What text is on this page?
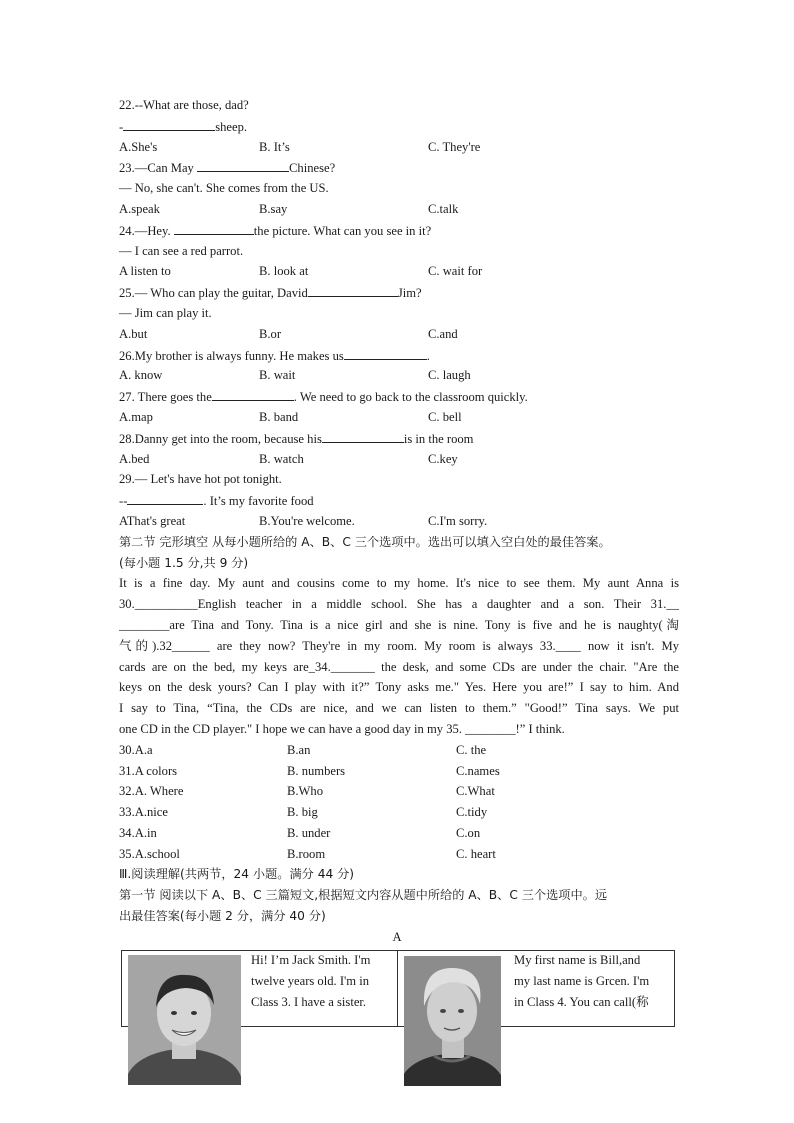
22.--What are those, dad?
-	sheep.
A.She's	B. It’s	C. They're
23.—Can May	Chinese?
— No, she can't. She comes from the US.
A.speak	B.say	C.talk
24.—Hey.	the picture. What can you see in it?
— I can see a red parrot.
A listen to	B. look at	C. wait for
25.— Who can play the guitar, David	Jim?
— Jim can play it.
A.but	B.or	C.and
26.My brother is always funny. He makes us	.
A. know	B. wait	C. laugh
27. There goes the	. We need to go back to the classroom quickly.
A.map	B. band	C. bell
28.Danny get into the room, because his	is in the room
A.bed	B. watch	C.key
29.— Let's have hot pot tonight.
--	. It’s my favorite food
AThat's great	B.You're welcome.	C.I'm sorry.
第二节 完形填空 从每小题所给的 A、B、C 三个选项中。选出可以填入空白处的最佳答案。
(每小题 1.5 分,共 9 分)
It is a fine day. My aunt and cousins come to my home. It's nice to see them. My aunt Anna is
30.__________English teacher in a middle school. She has a daughter and a son. Their 31.__
________are Tina and Tony. Tina is a nice girl and she is nine. Tony is five and he is naughty(淘
气的).32______ are they now? They're in my room. My room is always 33.____ now it isn't. My
cards are on the bed, my keys are_34._______ the desk, and some CDs are under the chair. "Are the
keys on the desk yours? Can I play with it?” Tony asks me." Yes. Here you are!” I say to him. And
I say to Tina, “Tina, the CDs are nice, and we can listen to them.” "Good!” Tina says. We put
one CD in the CD player." I hope we can have a good day in my 35. ________!” I think.
30.A.a	B.an	C. the
31.A colors	B. numbers	C.names
32.A. Where	B.Who	C.What
33.A.nice	B. big	C.tidy
34.A.in	B. under	C.on
35.A.school	B.room	C. heart
Ⅲ.阅读理解(共两节，24 小题。满分 44 分)
第一节 阅读以下 A、B、C 三篇短文,根据短文内容从题中所给的 A、B、C 三个选项中。远
出最佳答案(每小题 2 分，满分 40 分)
A
Hi! I’m Jack Smith. I'm
twelve years old. I'm in
Class 3. I have a sister.
My first name is Bill,and
my last name is Grcen. I'm
in Class 4. You can call(称
